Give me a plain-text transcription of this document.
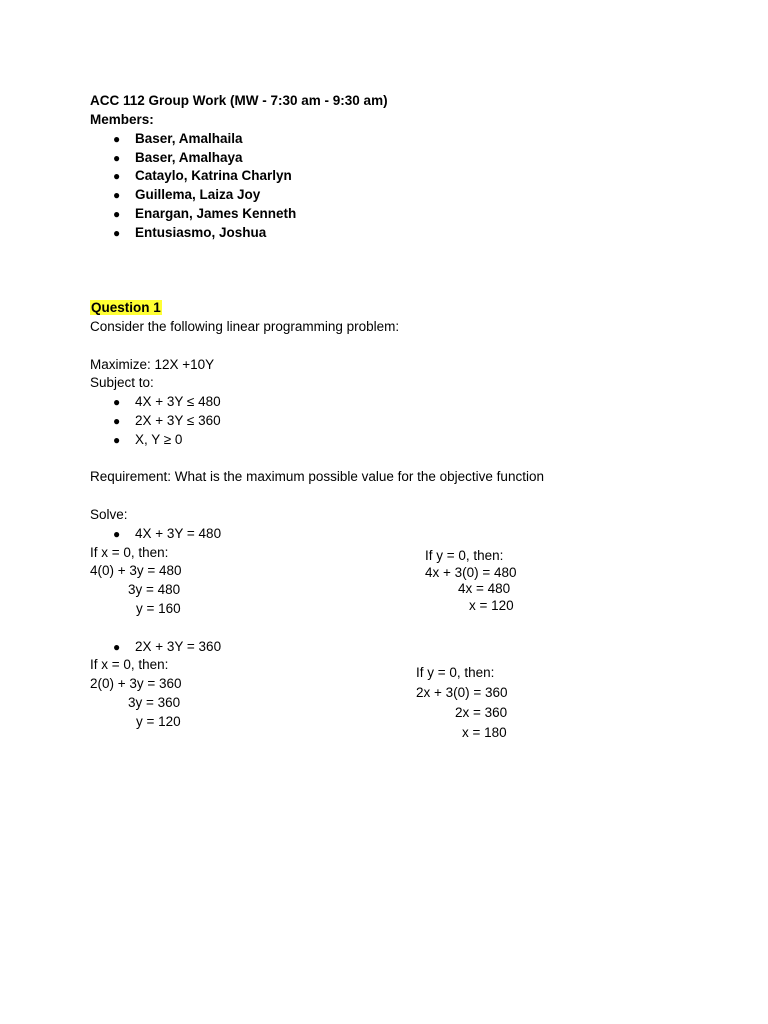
ACC 112 Group Work (MW - 7:30 am - 9:30 am)
Members:
● Baser, Amalhaila
● Baser, Amalhaya
● Cataylo, Katrina Charlyn
● Guillema, Laiza Joy
● Enargan, James Kenneth
● Entusiasmo, Joshua
Question 1
Consider the following linear programming problem:
Maximize: 12X +10Y
Subject to:
● 4X + 3Y ≤ 480
● 2X + 3Y ≤ 360
● X, Y ≥ 0
Requirement: What is the maximum possible value for the objective function
Solve:
● 4X + 3Y = 480
If x = 0, then:
4(0) + 3y = 480
3y = 480
y = 160
If y = 0, then:
4x + 3(0) = 480
4x = 480
x = 120
● 2X + 3Y = 360
If x = 0, then:
2(0) + 3y = 360
3y = 360
y = 120
If y = 0, then:
2x + 3(0) = 360
2x = 360
x = 180
